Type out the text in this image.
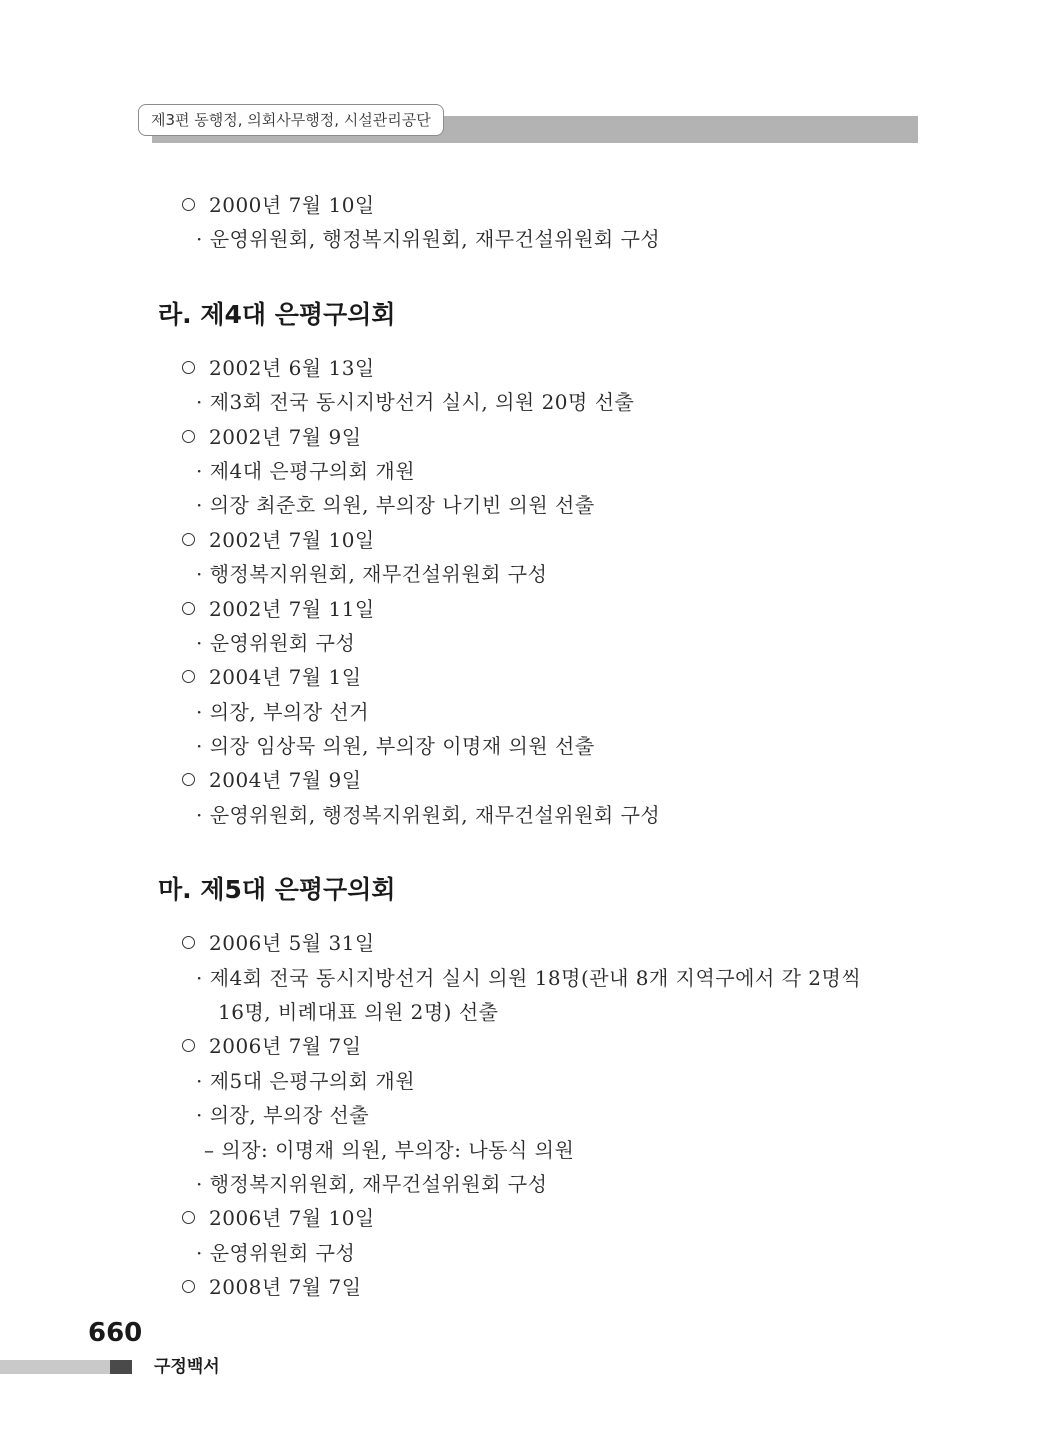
제3편 동행정, 의회사무행정, 시설관리공단
2000년 7월 10일
· 운영위원회, 행정복지위원회, 재무건설위원회 구성
라. 제4대 은평구의회
2002년 6월 13일
· 제3회 전국 동시지방선거 실시, 의원 20명 선출
2002년 7월 9일
· 제4대 은평구의회 개원
· 의장 최준호 의원, 부의장 나기빈 의원 선출
2002년 7월 10일
· 행정복지위원회, 재무건설위원회 구성
2002년 7월 11일
· 운영위원회 구성
2004년 7월 1일
· 의장, 부의장 선거
· 의장 임상묵 의원, 부의장 이명재 의원 선출
2004년 7월 9일
· 운영위원회, 행정복지위원회, 재무건설위원회 구성
마. 제5대 은평구의회
2006년 5월 31일
· 제4회 전국 동시지방선거 실시 의원 18명(관내 8개 지역구에서 각 2명씩
16명, 비례대표 의원 2명) 선출
2006년 7월 7일
· 제5대 은평구의회 개원
· 의장, 부의장 선출
– 의장: 이명재 의원, 부의장: 나동식 의원
· 행정복지위원회, 재무건설위원회 구성
2006년 7월 10일
· 운영위원회 구성
2008년 7월 7일
660
구정백서
